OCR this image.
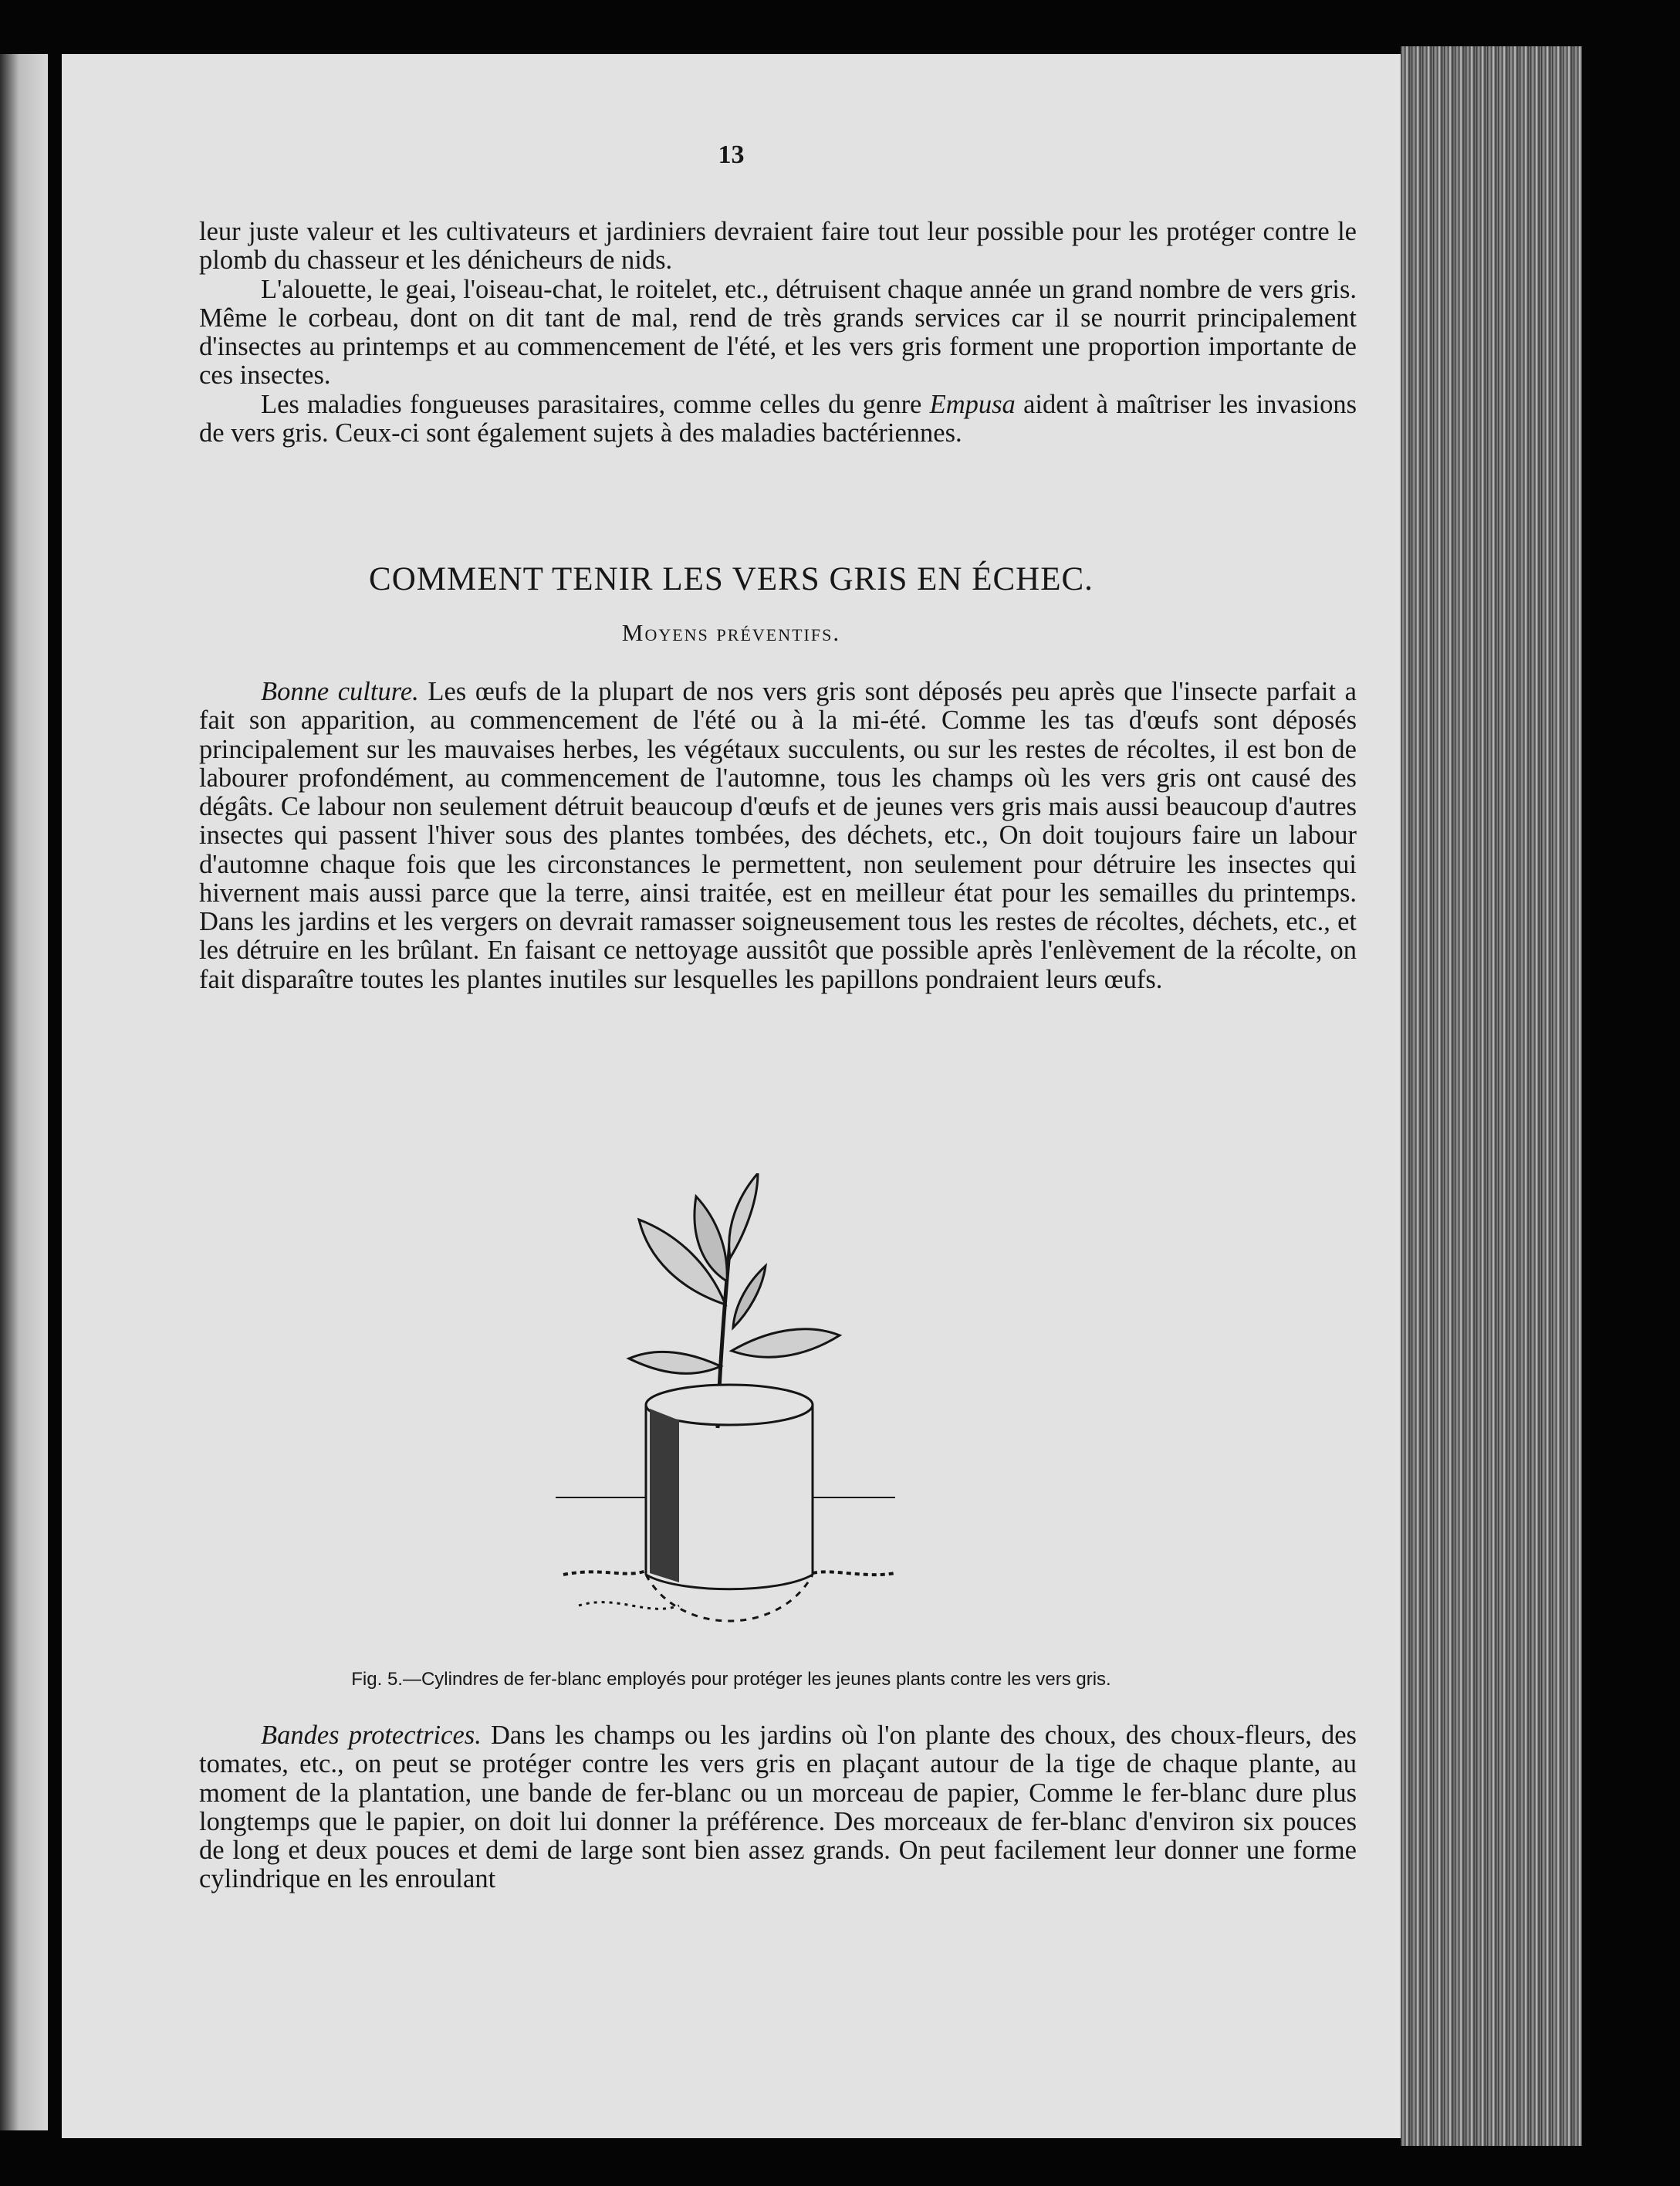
13

leur juste valeur et les cultivateurs et jardiniers devraient faire tout leur possible pour les protéger contre le plomb du chasseur et les dénicheurs de nids.

L'alouette, le geai, l'oiseau-chat, le roitelet, etc., détruisent chaque année un grand nombre de vers gris. Même le corbeau, dont on dit tant de mal, rend de très grands services car il se nourrit principalement d'insectes au printemps et au commencement de l'été, et les vers gris forment une proportion importante de ces insectes.

Les maladies fongueuses parasitaires, comme celles du genre Empusa aident à maîtriser les invasions de vers gris. Ceux-ci sont également sujets à des maladies bactériennes.

COMMENT TENIR LES VERS GRIS EN ÉCHEC.
Moyens préventifs.

Bonne culture. Les œufs de la plupart de nos vers gris sont déposés peu après que l'insecte parfait a fait son apparition, au commencement de l'été ou à la mi-été. Comme les tas d'œufs sont déposés principalement sur les mauvaises herbes, les végétaux succulents, ou sur les restes de récoltes, il est bon de labourer profondément, au commencement de l'automne, tous les champs où les vers gris ont causé des dégâts. Ce labour non seulement détruit beaucoup d'œufs et de jeunes vers gris mais aussi beaucoup d'autres insectes qui passent l'hiver sous des plantes tombées, des déchets, etc., On doit toujours faire un labour d'automne chaque fois que les circonstances le permettent, non seulement pour détruire les insectes qui hivernent mais aussi parce que la terre, ainsi traitée, est en meilleur état pour les semailles du printemps. Dans les jardins et les vergers on devrait ramasser soigneusement tous les restes de récoltes, déchets, etc., et les détruire en les brûlant. En faisant ce nettoyage aussitôt que possible après l'enlèvement de la récolte, on fait disparaître toutes les plantes inutiles sur lesquelles les papillons pondraient leurs œufs.

Fig. 5.—Cylindres de fer-blanc employés pour protéger les jeunes plants contre les vers gris.

Bandes protectrices. Dans les champs ou les jardins où l'on plante des choux, des choux-fleurs, des tomates, etc., on peut se protéger contre les vers gris en plaçant autour de la tige de chaque plante, au moment de la plantation, une bande de fer-blanc ou un morceau de papier, Comme le fer-blanc dure plus longtemps que le papier, on doit lui donner la préférence. Des morceaux de fer-blanc d'environ six pouces de long et deux pouces et demi de large sont bien assez grands. On peut facilement leur donner une forme cylindrique en les enroulant
